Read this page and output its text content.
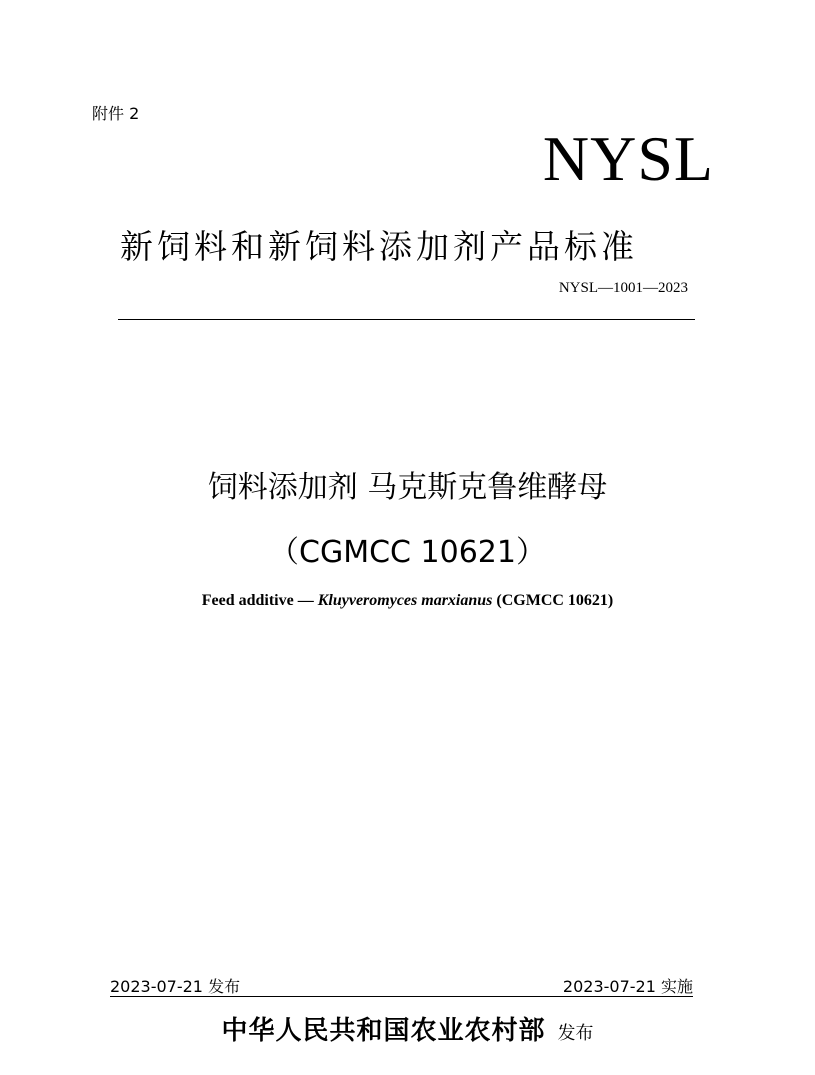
附件 2
NYSL
新饲料和新饲料添加剂产品标准
NYSL—1001—2023
饲料添加剂 马克斯克鲁维酵母
（CGMCC 10621）
Feed additive — Kluyveromyces marxianus (CGMCC 10621)
2023-07-21 发布	2023-07-21 实施
中华人民共和国农业农村部 发布
